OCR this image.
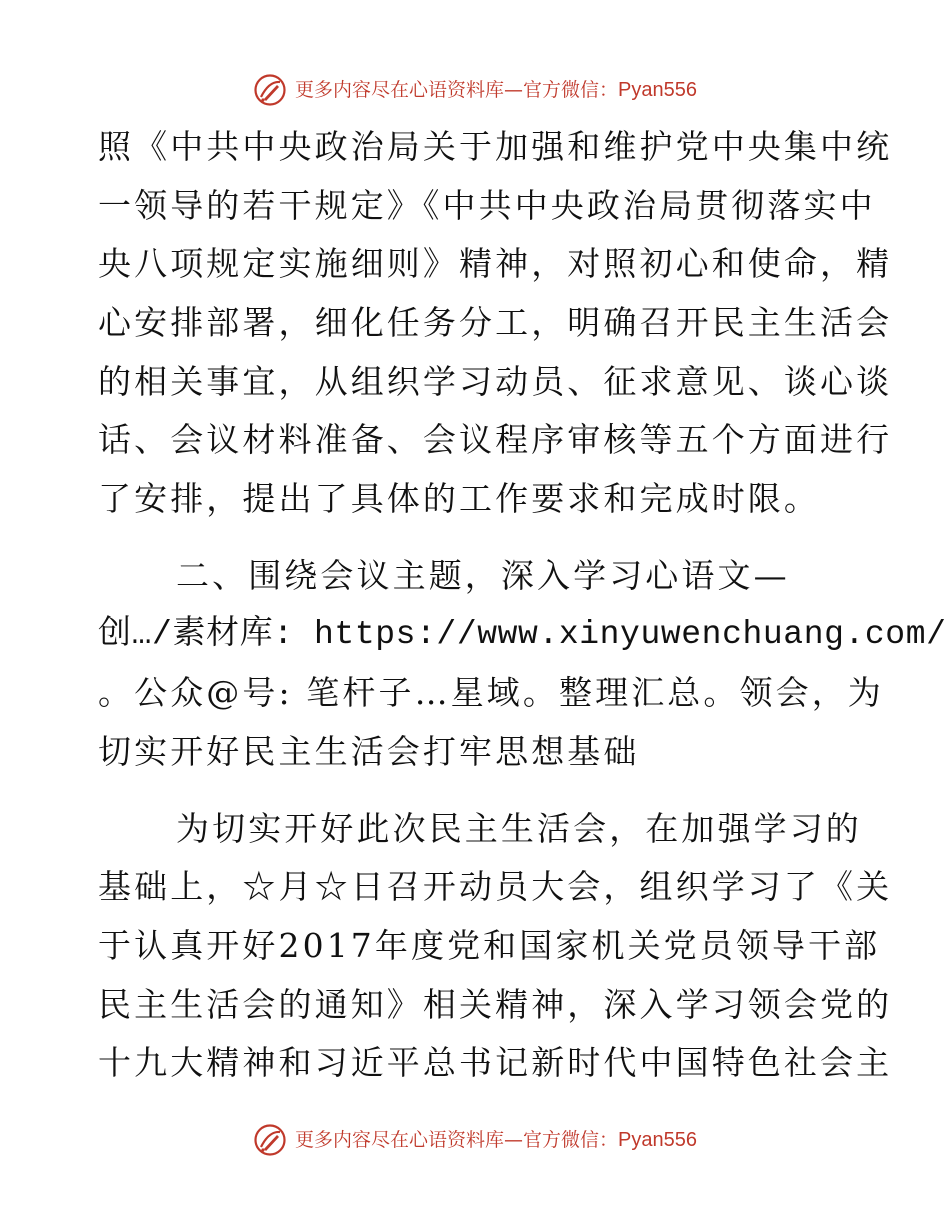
更多内容尽在心语资料库—官方微信：Pyan556
照《中共中央政治局关于加强和维护党中央集中统
一领导的若干规定》《中共中央政治局贯彻落实中
央八项规定实施细则》精神，对照初心和使命，精
心安排部署，细化任务分工，明确召开民主生活会
的相关事宜，从组织学习动员、征求意见、谈心谈
话、会议材料准备、会议程序审核等五个方面进行
了安排，提出了具体的工作要求和完成时限。
二、围绕会议主题，深入学习心语文—
创…/素材库: https://www.xinyuwenchuang.com/
。公众@号: 笔杆子…星域。整理汇总。领会，为
切实开好民主生活会打牢思想基础
为切实开好此次民主生活会，在加强学习的
基础上，☆月☆日召开动员大会，组织学习了《关
于认真开好2017年度党和国家机关党员领导干部
民主生活会的通知》相关精神，深入学习领会党的
十九大精神和习近平总书记新时代中国特色社会主
更多内容尽在心语资料库—官方微信：Pyan556
